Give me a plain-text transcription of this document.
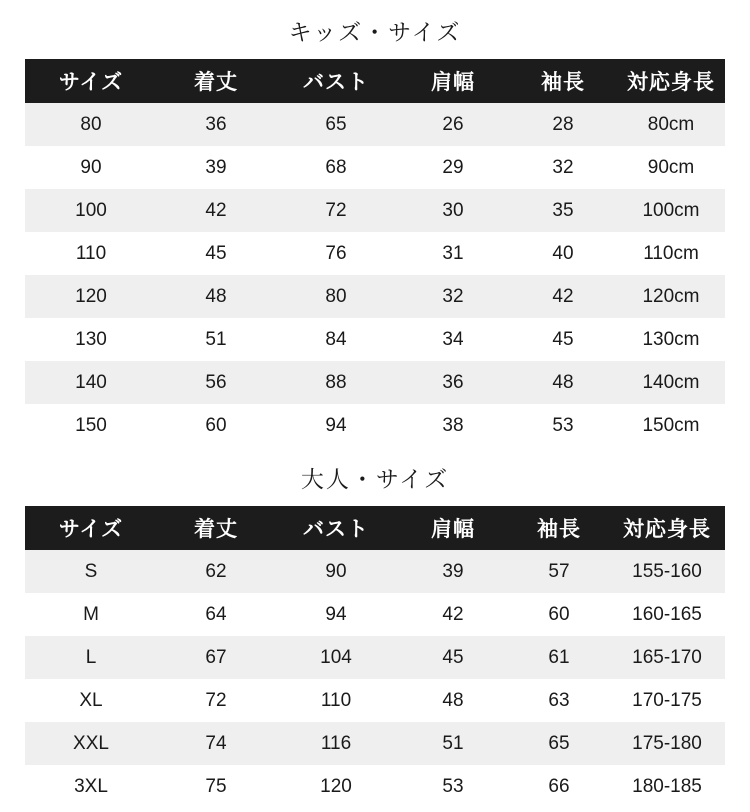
キッズ・サイズ
サイズ	着丈	バスト	肩幅	袖長	対応身長
80	36	65	26	28	80cm
90	39	68	29	32	90cm
100	42	72	30	35	100cm
110	45	76	31	40	110cm
120	48	80	32	42	120cm
130	51	84	34	45	130cm
140	56	88	36	48	140cm
150	60	94	38	53	150cm
大人・サイズ
サイズ	着丈	バスト	肩幅	袖長	対応身長
S	62	90	39	57	155-160
M	64	94	42	60	160-165
L	67	104	45	61	165-170
XL	72	110	48	63	170-175
XXL	74	116	51	65	175-180
3XL	75	120	53	66	180-185
